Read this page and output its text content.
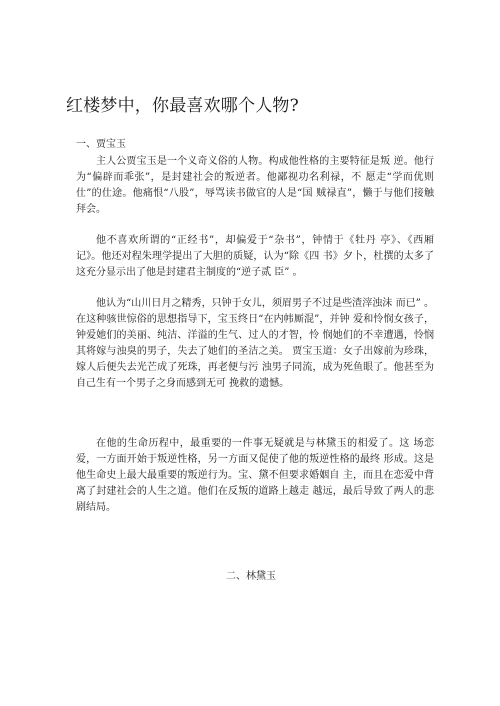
红楼梦中，你最喜欢哪个人物?
一、贾宝玉

主人公贾宝玉是一个义奇义俗的人物。构成他性格的主要特征是叛 逆。他行为“偏辟而乖张”，是封建社会的叛逆者。他鄙视功名利禄，不 愿走“学而优则仕”的仕途。他痛恨“八股”，辱骂读书做官的人是“国 贼禄直”，懒于与他们接触拜会。

他不喜欢所谓的“正经书”，却偏爱于“杂书”，钟情于《牡丹 亭》、《西厢记》。他还对程朱理学提出了大胆的质疑，认为“除《四 书》夕卜，杜撰的太多了这充分显示出了他是封建君主制度的“逆子贰 臣” 。

他认为“山川日月之精秀，只钟于女儿，须眉男子不过是些渣滓浊沫 而已” 。在这种骇世惊俗的思想指导下，宝玉终日“在内帏厮混”，并钟 爱和怜悯女孩子，钟爱她们的美丽、纯洁、洋溢的生气、过人的才智，怜 悯她们的不幸遭遇，怜悯其将嫁与浊臭的男子，失去了她们的圣洁之美。 贾宝玉道：女子出嫁前为珍珠，嫁人后便失去光芒成了死珠，再老便与污 浊男子同流，成为死鱼眼了。他甚至为自己生有一个男子之身而感到无可 挽救的遗憾。

在他的生命历程中，最重要的一件事无疑就是与林黛玉的相爱了。这 场恋爱，一方面开始于叛逆性格，另一方面又促使了他的叛逆性格的最终 形成。这是他生命史上最大最重要的叛逆行为。宝、黛不但要求婚姻自 主，而且在恋爱中背离了封建社会的人生之道。他们在反叛的道路上越走 越远，最后导致了两人的悲剧结局。

二、林黛玉
